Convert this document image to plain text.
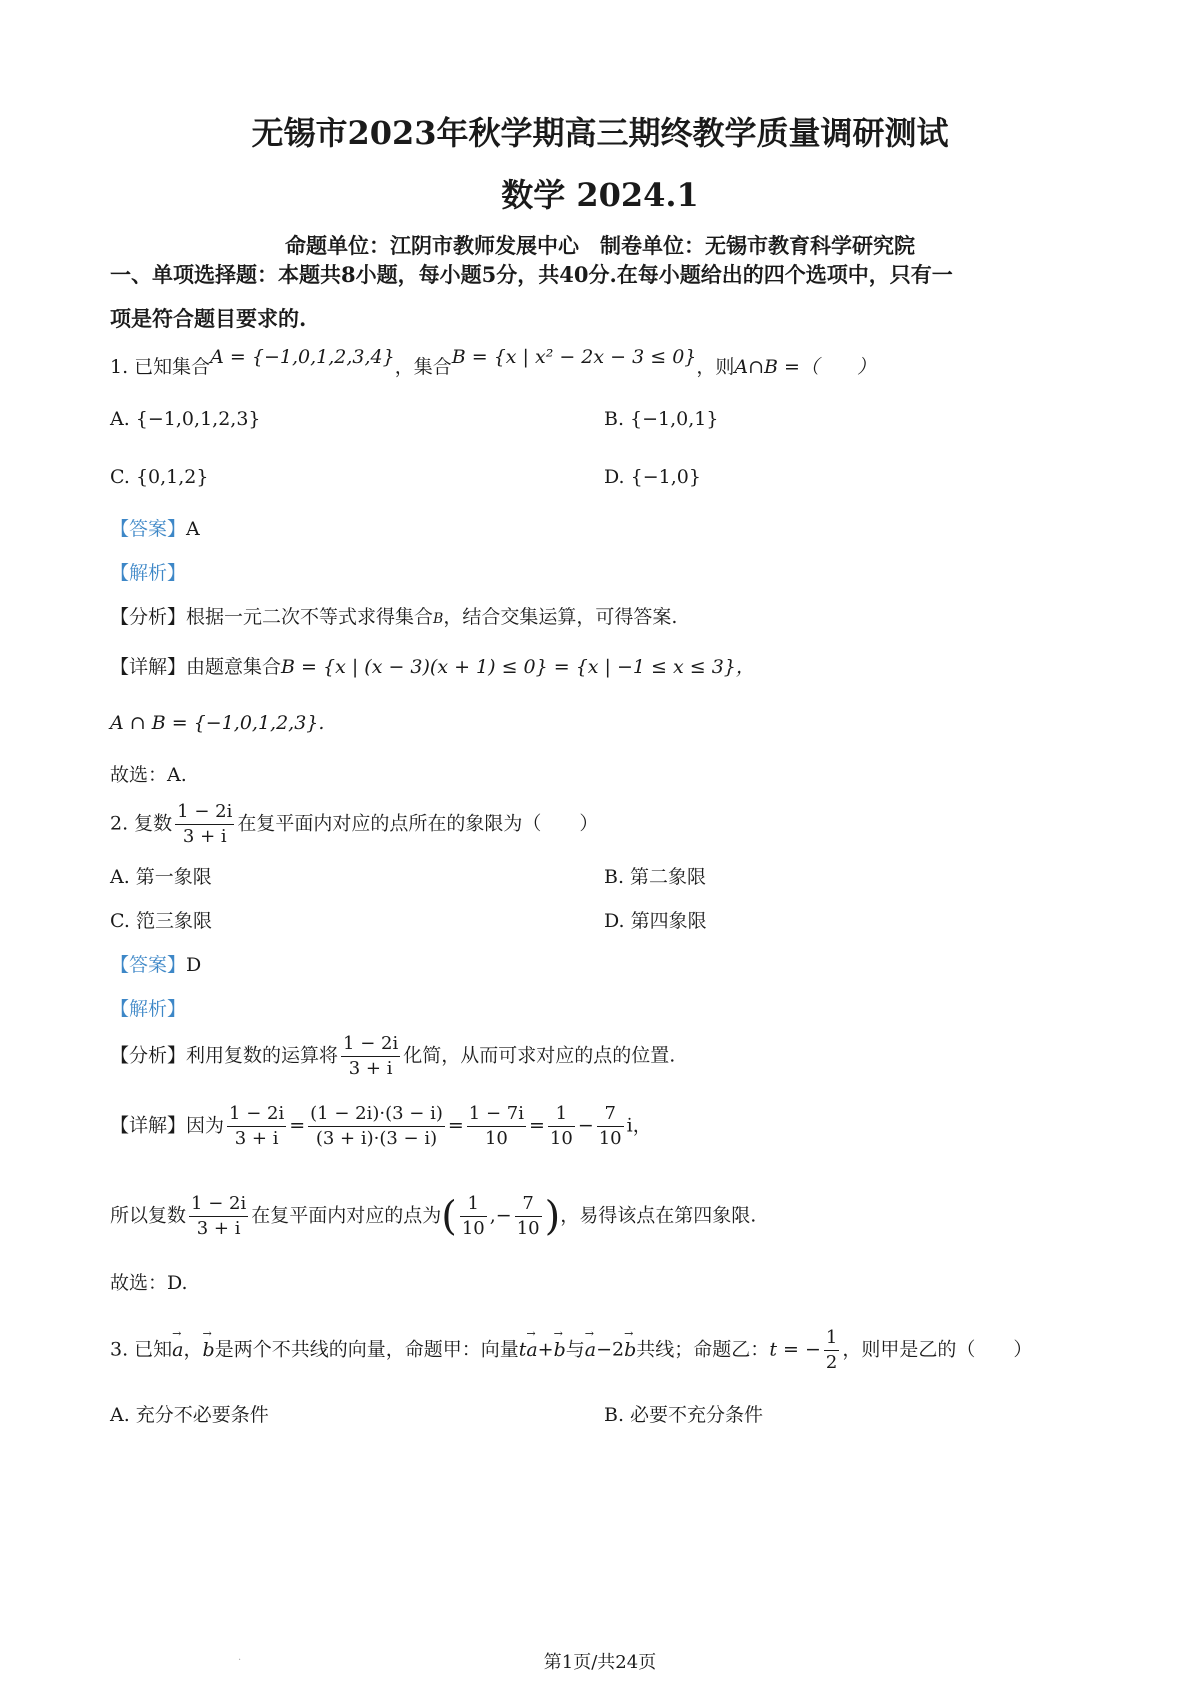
无锡市2023年秋学期高三期终教学质量调研测试
数学 2024.1
命题单位：江阴市教师发展中心　制卷单位：无锡市教育科学研究院
一、单项选择题：本题共8小题，每小题5分，共40分.在每小题给出的四个选项中，只有一
项是符合题目要求的.
1. 已知集合A = {−1,0,1,2,3,4}，集合B = {x | x² − 2x − 3 ≤ 0}，则A∩B =（　　）
A. {−1,0,1,2,3}	B. {−1,0,1}
C. {0,1,2}	D. {−1,0}
【答案】A
【解析】
【分析】根据一元二次不等式求得集合B，结合交集运算，可得答案.
【详解】由题意集合B = {x | (x − 3)(x + 1) ≤ 0} = {x | −1 ≤ x ≤ 3}，
A ∩ B = {−1,0,1,2,3}.
故选：A.
2. 复数 $\frac{1 - 2i}{3 + i}$ 在复平面内对应的点所在的象限为（　　）
A. 第一象限	B. 第二象限
C. 笵三象限	D. 第四象限
【答案】D
【解析】
【分析】利用复数的运算将 $\frac{1 - 2i}{3 + i}$ 化简，从而可求对应的点的位置.
【详解】因为 $\frac{1 - 2i}{3 + i} = \frac{(1 - 2i)\cdot(3 - i)}{(3 + i)\cdot(3 - i)} = \frac{1 - 7i}{10} = \frac{1}{10} - \frac{7}{10}$ i，
所以复数 $\frac{1 - 2i}{3 + i}$ 在复平面内对应的点为( $\frac{1}{10}$ ,− $\frac{7}{10}$ )，易得该点在第四象限.
故选：D.
3. 已知→ a，→ b是两个不共线的向量，命题甲：向量t→ a+→ b与→ a−2→ b共线；命题乙：t = − $\frac{1}{2}$ ，则甲是乙的（　　）
A. 充分不必要条件	B. 必要不充分条件
.	第1页/共24页
